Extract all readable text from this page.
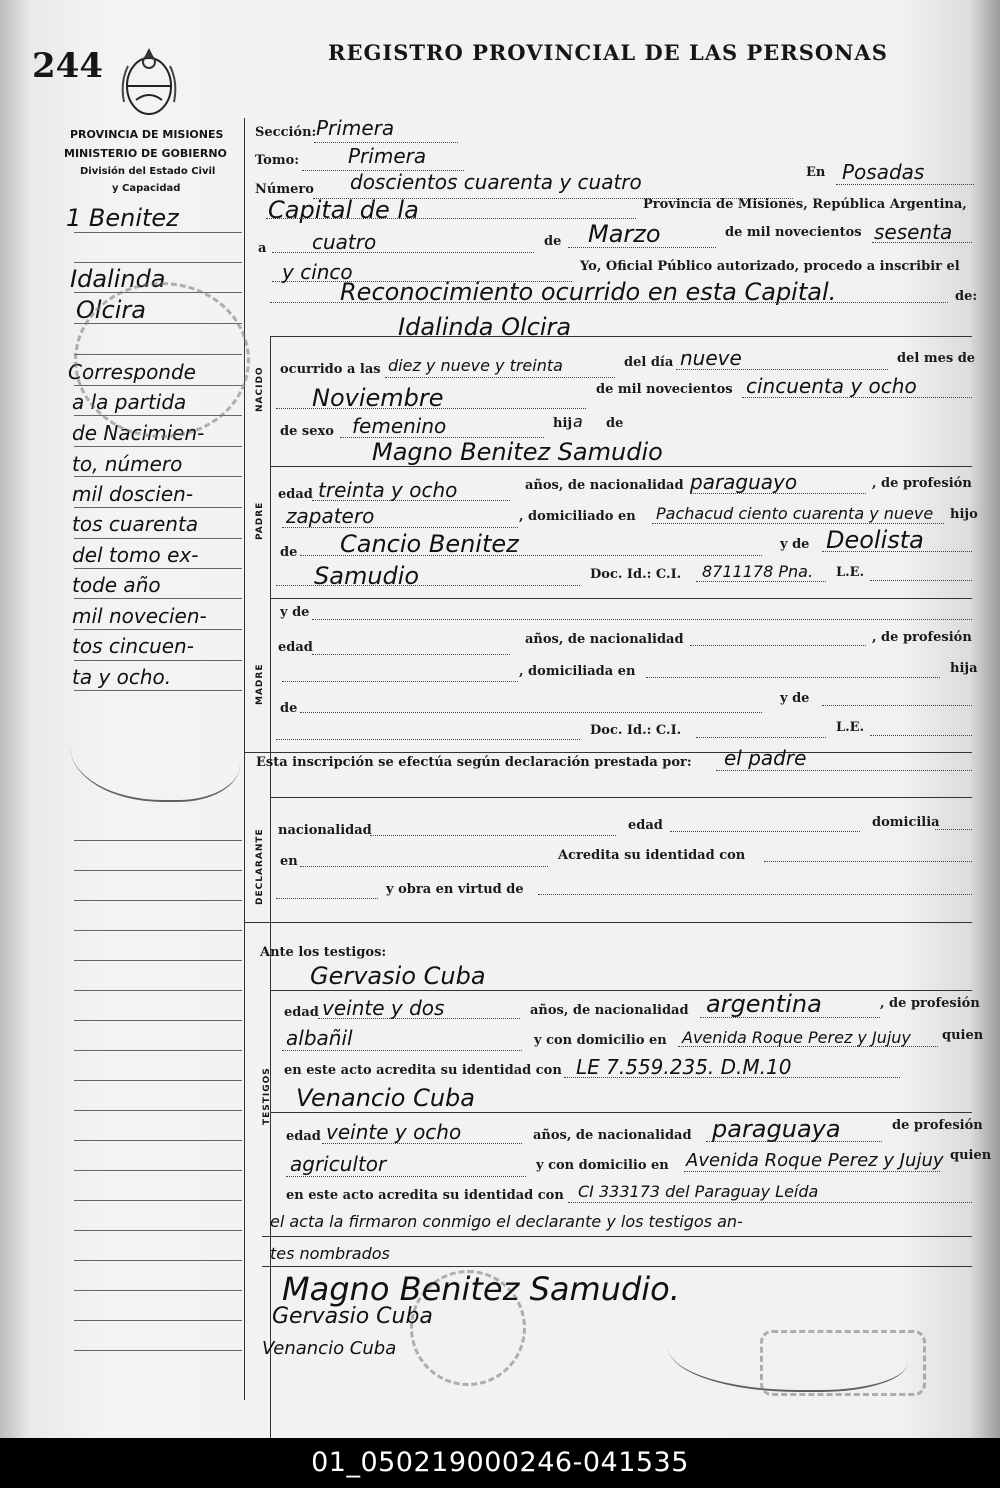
244	REGISTRO PROVINCIAL DE LAS PERSONAS
PROVINCIA DE MISIONES
MINISTERIO DE GOBIERNO
División del Estado Civil
y Capacidad
1 Benitez
Idalinda
Olcira
Corresponde
a la partida
de Nacimien-
to, número
mil doscien-
tos cuarenta
del tomo ex-
tode año
mil novecien-
tos cincuen-
ta y ocho.
Sección: Primera
Tomo: Primera
Número doscientos cuarenta y cuatro	En Posadas
Capital de la	Provincia de Misiones, República Argentina,
a cuatro	de Marzo	de mil novecientos sesenta
y cinco	Yo, Oficial Público autorizado, procedo a inscribir el
Reconocimiento ocurrido en esta Capital.	de:
Idalinda Olcira
NACIDO ocurrido a las diez y nueve y treinta	del día nueve	del mes de
Noviembre	de mil novecientos cincuenta y ocho
de sexo femenino	hij a de
Magno Benitez Samudio
PADRE
edad treinta y ocho	años, de nacionalidad paraguayo	, de profesión
zapatero	, domiciliado en Pachacud ciento cuarenta y nueve hijo
de Cancio Benitez	y de Deolista
Samudio	Doc. Id.: C.I. 8711178 Pna. L.E.
MADRE
y de
edad
años, de nacionalidad	, de profesión
, domiciliada en	hija
de
y de
Doc. Id.: C.I.	L.E.
Esta inscripción se efectúa según declaración prestada por: el padre
DECLARANTE nacionalidad	edad	domicilia
en	Acredita su identidad con
y obra en virtud de
Ante los testigos:
TESTIGOS
Gervasio Cuba
edad veinte y dos	años, de nacionalidad argentina	, de profesión
albañil	y con domicilio en Avenida Roque Perez y Jujuy quien
en este acto acredita su identidad con LE 7.559.235. D.M.10
Venancio Cuba
edad veinte y ocho	años, de nacionalidad paraguaya	de profesión
agricultor	y con domicilio en Avenida Roque Perez y Jujuy quien
en este acto acredita su identidad con CI 333173 del Paraguay Leída
el acta la firmaron conmigo el declarante y los testigos an-
tes nombrados
Magno Benitez Samudio.
Gervasio Cuba
Venancio Cuba
01_050219000246-041535
